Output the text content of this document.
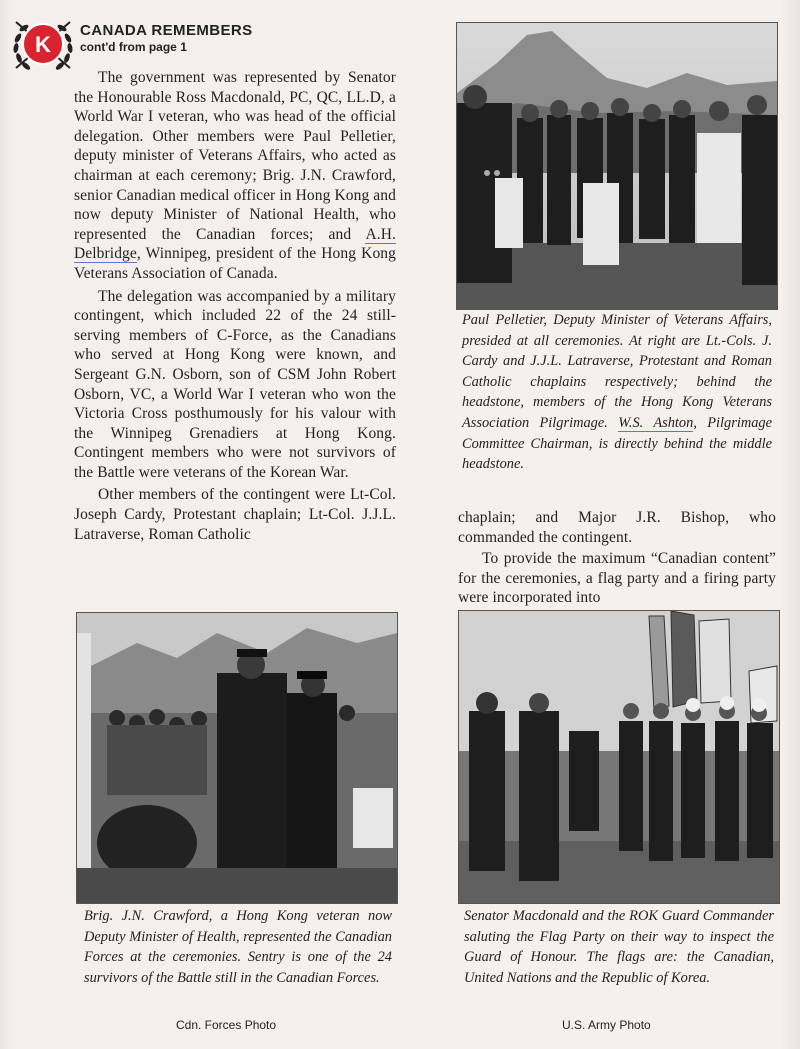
K
CANADA REMEMBERS
cont'd from page 1

The government was represented by Senator the Honourable Ross Macdonald, PC, QC, LL.D, a World War I veteran, who was head of the official delegation. Other members were Paul Pelletier, deputy minister of Veterans Affairs, who acted as chairman at each ceremony; Brig. J.N. Crawford, senior Canadian medical officer in Hong Kong and now deputy Minister of National Health, who represented the Canadian forces; and A.H. Delbridge, Winnipeg, president of the Hong Kong Veterans Association of Canada.

The delegation was accompanied by a military contingent, which included 22 of the 24 still-serving members of C-Force, as the Canadians who served at Hong Kong were known, and Sergeant G.N. Osborn, son of CSM John Robert Osborn, VC, a World War I veteran who won the Victoria Cross posthumously for his valour with the Winnipeg Grenadiers at Hong Kong. Contingent members who were not survivors of the Battle were veterans of the Korean War.

Other members of the contingent were Lt-Col. Joseph Cardy, Protestant chaplain; Lt-Col. J.J.L. Latraverse, Roman Catholic

Paul Pelletier, Deputy Minister of Veterans Affairs, presided at all ceremonies. At right are Lt.-Cols. J. Cardy and J.J.L. Latraverse, Protestant and Roman Catholic chaplains respectively; behind the headstone, members of the Hong Kong Veterans Association Pilgrimage. W.S. Ashton, Pilgrimage Committee Chairman, is directly behind the middle headstone.

chaplain; and Major J.R. Bishop, who commanded the contingent.

To provide the maximum “Canadian content” for the ceremonies, a flag party and a firing party were incorporated into

Brig. J.N. Crawford, a Hong Kong veteran now Deputy Minister of Health, represented the Canadian Forces at the ceremonies. Sentry is one of the 24 survivors of the Battle still in the Canadian Forces.
Senator Macdonald and the ROK Guard Commander saluting the Flag Party on their way to inspect the Guard of Honour. The flags are: the Canadian, United Nations and the Republic of Korea.
Cdn. Forces Photo	U.S. Army Photo
